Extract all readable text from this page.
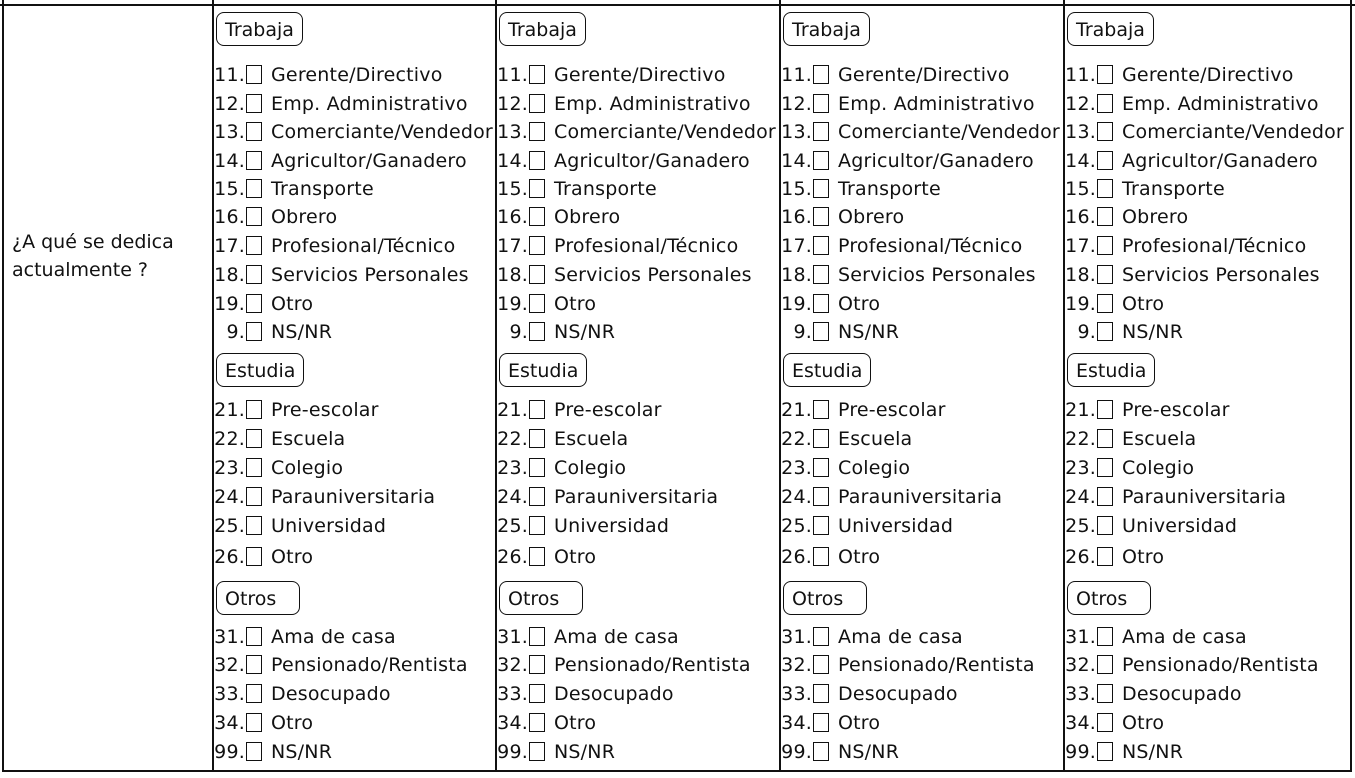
¿A qué se dedica actualmente ?
Trabaja
11. Gerente/Directivo
12. Emp. Administrativo
13. Comerciante/Vendedor
14. Agricultor/Ganadero
15. Transporte
16. Obrero
17. Profesional/Técnico
18. Servicios Personales
19. Otro
9. NS/NR
Estudia
21. Pre-escolar
22. Escuela
23. Colegio
24. Parauniversitaria
25. Universidad
26. Otro
Otros
31. Ama de casa
32. Pensionado/Rentista
33. Desocupado
34. Otro
99. NS/NR
Trabaja
11. Gerente/Directivo
12. Emp. Administrativo
13. Comerciante/Vendedor
14. Agricultor/Ganadero
15. Transporte
16. Obrero
17. Profesional/Técnico
18. Servicios Personales
19. Otro
9. NS/NR
Estudia
21. Pre-escolar
22. Escuela
23. Colegio
24. Parauniversitaria
25. Universidad
26. Otro
Otros
31. Ama de casa
32. Pensionado/Rentista
33. Desocupado
34. Otro
99. NS/NR
Trabaja
11. Gerente/Directivo
12. Emp. Administrativo
13. Comerciante/Vendedor
14. Agricultor/Ganadero
15. Transporte
16. Obrero
17. Profesional/Técnico
18. Servicios Personales
19. Otro
9. NS/NR
Estudia
21. Pre-escolar
22. Escuela
23. Colegio
24. Parauniversitaria
25. Universidad
26. Otro
Otros
31. Ama de casa
32. Pensionado/Rentista
33. Desocupado
34. Otro
99. NS/NR
Trabaja
11. Gerente/Directivo
12. Emp. Administrativo
13. Comerciante/Vendedor
14. Agricultor/Ganadero
15. Transporte
16. Obrero
17. Profesional/Técnico
18. Servicios Personales
19. Otro
9. NS/NR
Estudia
21. Pre-escolar
22. Escuela
23. Colegio
24. Parauniversitaria
25. Universidad
26. Otro
Otros
31. Ama de casa
32. Pensionado/Rentista
33. Desocupado
34. Otro
99. NS/NR
